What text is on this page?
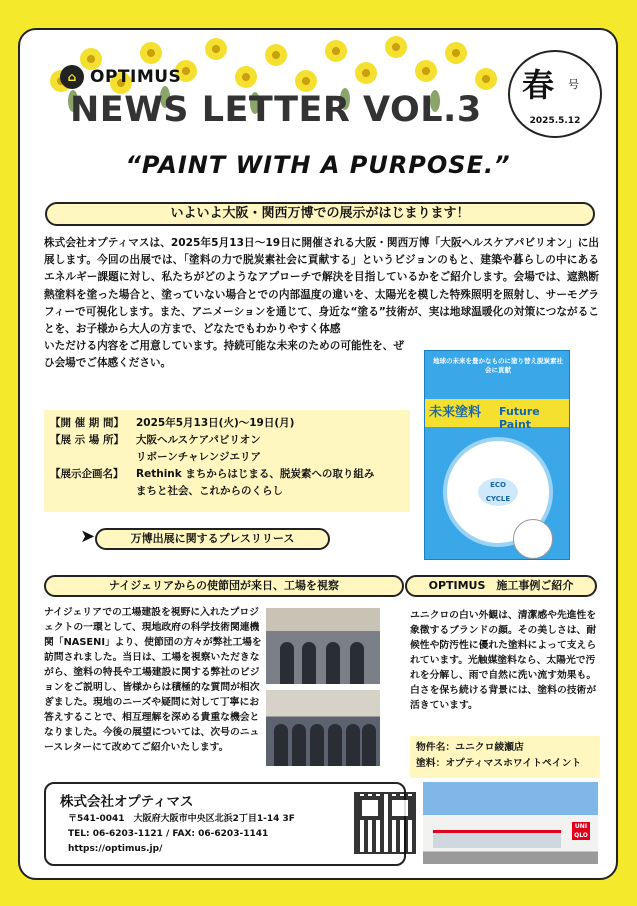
⌂ OPTIMUS
NEWS LETTER VOL.3
春 号
2025.5.12
“PAINT WITH A PURPOSE.”
いよいよ大阪・関西万博での展示がはじまります！

株式会社オプティマスは、2025年5月13日～19日に開催される大阪・関西万博「大阪ヘルスケアパビリオン」に出展します。今回の出展では、「塗料の力で脱炭素社会に貢献する」というビジョンのもと、建築や暮らしの中にあるエネルギー課題に対し、私たちがどのようなアプローチで解決を目指しているかをご紹介します。会場では、遮熱断熱塗料を塗った場合と、塗っていない場合とでの内部温度の違いを、太陽光を模した特殊照明を照射し、サーモグラフィーで可視化します。また、アニメーションを通じて、身近な“塗る”技術が、実は地球温暖化の対策につながることを、お子様から大人の方まで、どなたでもわかりやすく体感

いただける内容をご用意しています。持続可能な未来のための可能性を、ぜひ会場でご体感ください。

【開 催 期 間】	2025年5月13日(火)～19日(月)
【展 示 場 所】	大阪ヘルスケアパビリオン
リボーンチャレンジエリア
【展示企画名】	Rethink まちからはじまる、脱炭素への取り組み
まちと社会、これからのくらし
地球の未来を豊かなものに塗り替え脱炭素社会に貢献
未来塗料 Future Paint
ECO CYCLE
➤	万博出展に関するプレスリリース
ナイジェリアからの使節団が来日、工場を視察	OPTIMUS　施工事例ご紹介
ナイジェリアでの工場建設を視野に入れたプロジェクトの一環として、現地政府の科学技術関連機関「NASENI」より、使節団の方々が弊社工場を訪問されました。当日は、工場を視察いただきながら、塗料の特長や工場建設に関する弊社のビジョンをご説明し、皆様からは積極的な質問が相次ぎました。現地のニーズや疑問に対して丁寧にお答えすることで、相互理解を深める貴重な機会となりました。今後の展望については、次号のニュースレターにて改めてご紹介いたします。
ユニクロの白い外観は、清潔感や先進性を象徴するブランドの顔。その美しさは、耐候性や防汚性に優れた塗料によって支えられています。光触媒塗料なら、太陽光で汚れを分解し、雨で自然に洗い流す効果も。白さを保ち続ける背景には、塗料の技術が活きています。
物件名：ユニクロ綾瀬店
塗料：オプティマスホワイトペイント
株式会社オプティマス
〒541-0041　大阪府大阪市中央区北浜2丁目1-14 3F
TEL: 06-6203-1121 / FAX: 06-6203-1141
https://optimus.jp/
UNI QLO
